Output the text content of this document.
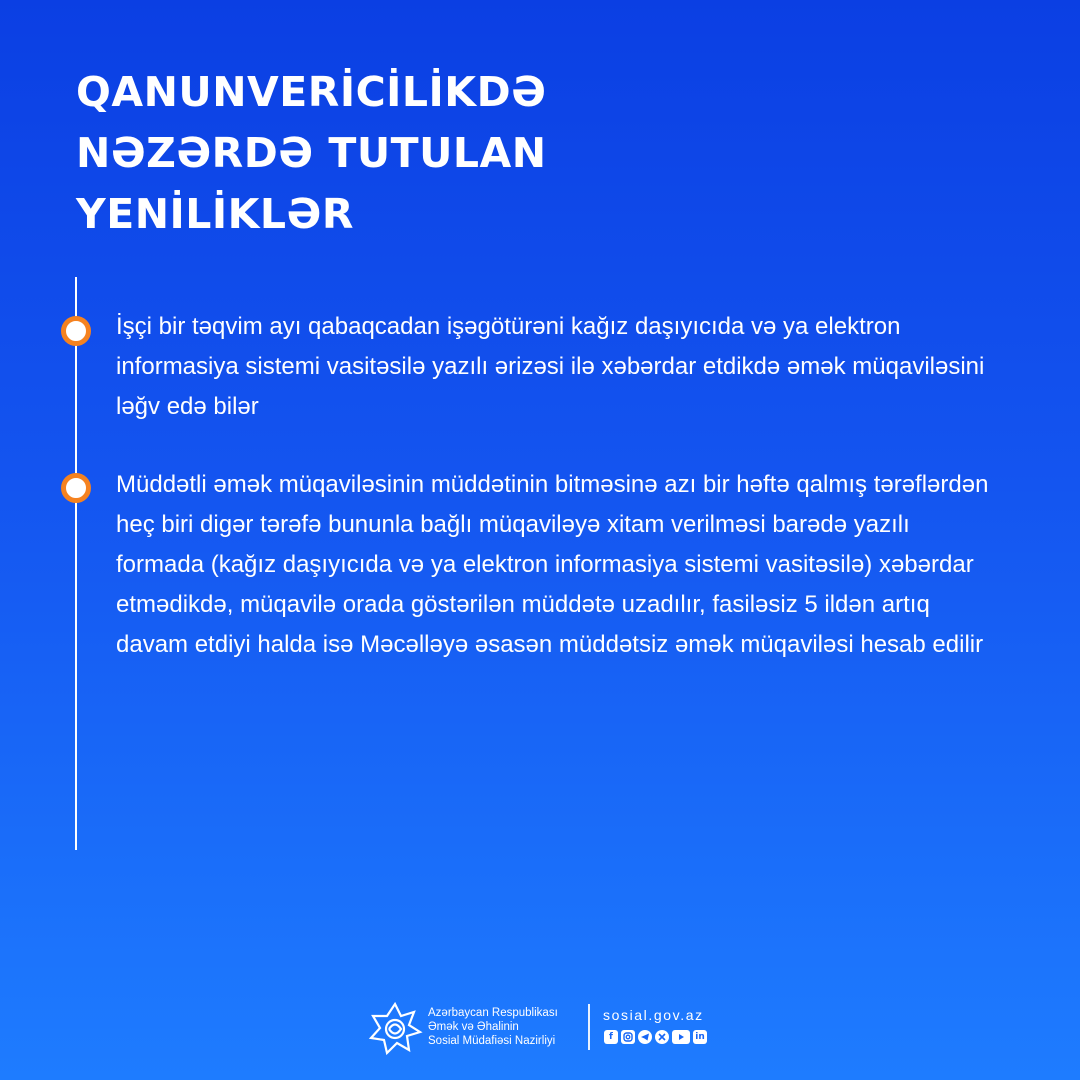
QANUNVERİCİLİKDƏ
NƏZƏRDƏ TUTULAN
YENİLİKLƏR

İşçi bir təqvim ayı qabaqcadan işəgötürəni kağız daşıyıcıda və ya elektron informasiya sistemi vasitəsilə yazılı ərizəsi ilə xəbərdar etdikdə əmək müqaviləsini ləğv edə bilər

Müddətli əmək müqaviləsinin müddətinin bitməsinə azı bir həftə qalmış tərəflərdən heç biri digər tərəfə bununla bağlı müqaviləyə xitam verilməsi barədə yazılı formada (kağız daşıyıcıda və ya elektron informasiya sistemi vasitəsilə) xəbərdar etmədikdə, müqavilə orada göstərilən müddətə uzadılır, fasiləsiz 5 ildən artıq davam etdiyi halda isə Məcəlləyə əsasən müddətsiz əmək müqaviləsi hesab edilir

Azərbaycan Respublikası
Əmək və Əhalinin
Sosial Müdafiəsi Nazirliyi
sosial.gov.az
f	in
